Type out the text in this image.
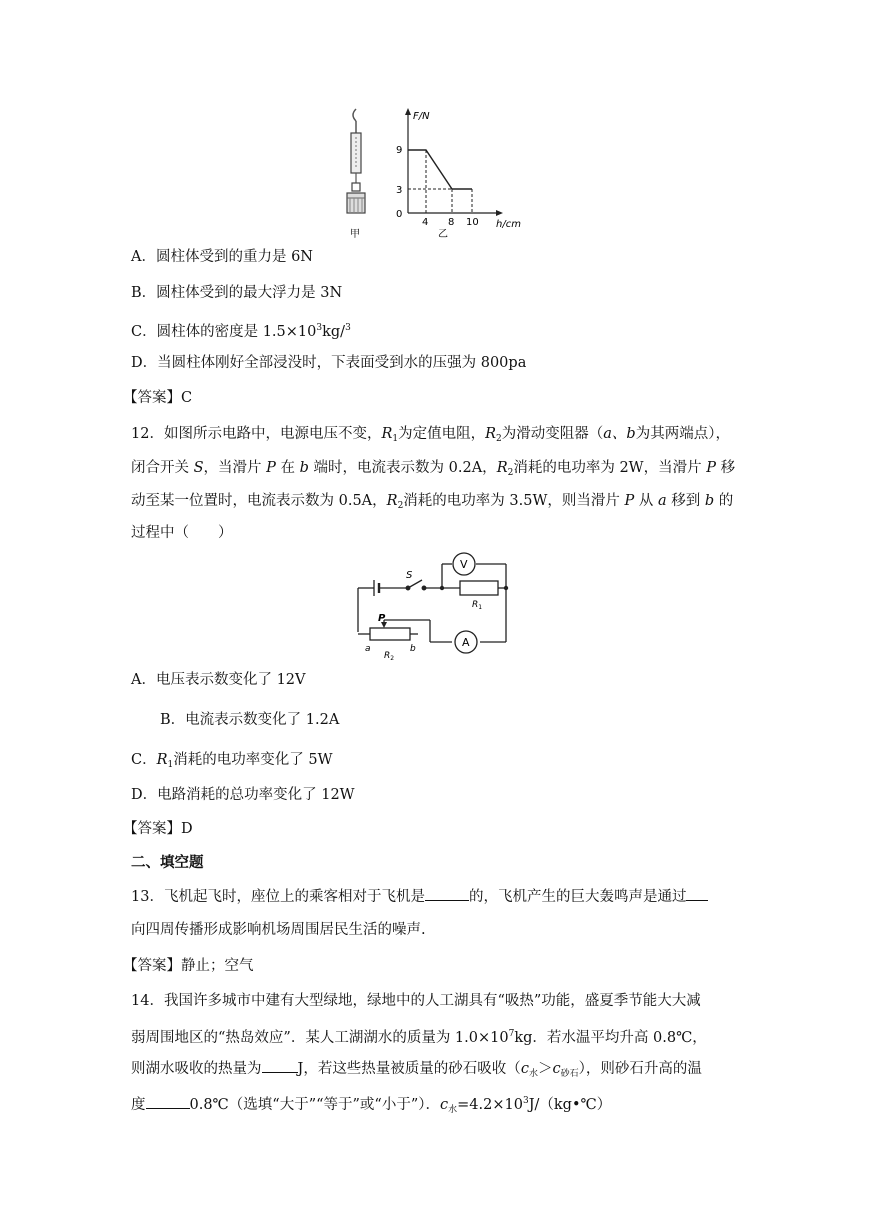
甲
F/N
h/cm
9
3
0
4 8 10
乙
A．圆柱体受到的重力是 6N
B．圆柱体受到的最大浮力是 3N
C．圆柱体的密度是 $1.5\times 10^3kg/^3$
D．当圆柱体刚好全部浸没时，下表面受到水的压强为 800pa
【答案】C
12．如图所示电路中，电源电压不变，$R_1$为定值电阻，$R_2$为滑动变阻器（a、b为其两端点），
闭合开关 S，当滑片 P 在 b 端时，电流表示数为 0.2A，$R_2$消耗的电功率为 2W，当滑片 P 移
动至某一位置时，电流表示数为 0.5A，$R_2$消耗的电功率为 3.5W，则当滑片 P 从 a 移到 b 的
过程中（　　）
V
A
S
$R_1$
P
a	b
$R_2$
A．电压表示数变化了 12V
B．电流表示数变化了 1.2A
C．$R_1$消耗的电功率变化了 5W
D．电路消耗的总功率变化了 12W
【答案】D
二、填空题
13．飞机起飞时，座位上的乘客相对于飞机是	的，飞机产生的巨大轰鸣声是通过
向四周传播形成影响机场周围居民生活的噪声.
【答案】静止；空气
14．我国许多城市中建有大型绿地，绿地中的人工湖具有“吸热”功能，盛夏季节能大大减
弱周围地区的“热岛效应”．某人工湖湖水的质量为 $1.0\times 10^7kg$．若水温平均升高 0.8℃，
则湖水吸收的热量为 J，若这些热量被质量的砂石吸收$(c_水>c_{砂石})$，则砂石升高的温
度	0.8℃（选填“大于”“等于”或“小于”）．$c_水=4.2\times 10^3J/(kg•℃)$
